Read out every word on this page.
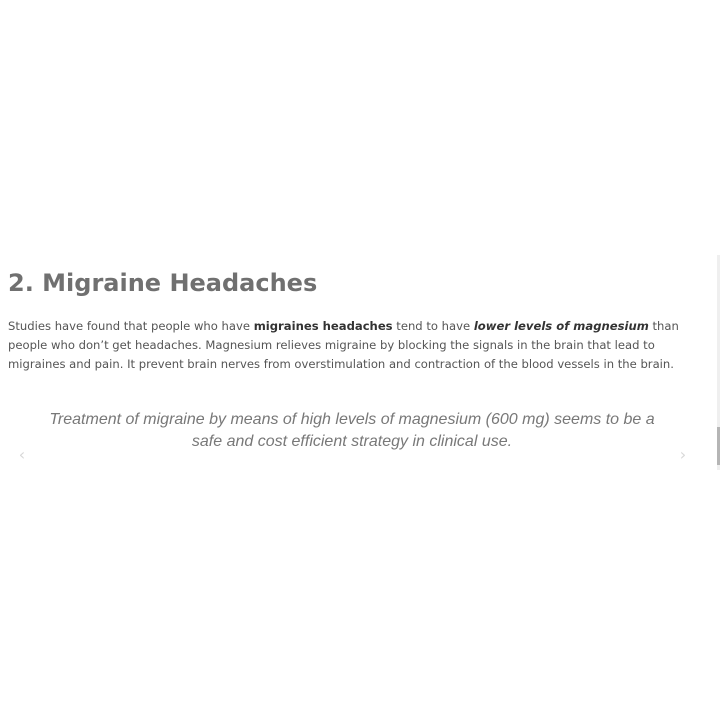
2. Migraine Headaches

Studies have found that people who have migraines headaches tend to have lower levels of magnesium than people who don’t get headaches. Magnesium relieves migraine by blocking the signals in the brain that lead to migraines and pain. It prevent brain nerves from overstimulation and contraction of the blood vessels in the brain.

‹

Treatment of migraine by means of high levels of magnesium (600 mg) seems to be a safe and cost efficient strategy in clinical use.

›
